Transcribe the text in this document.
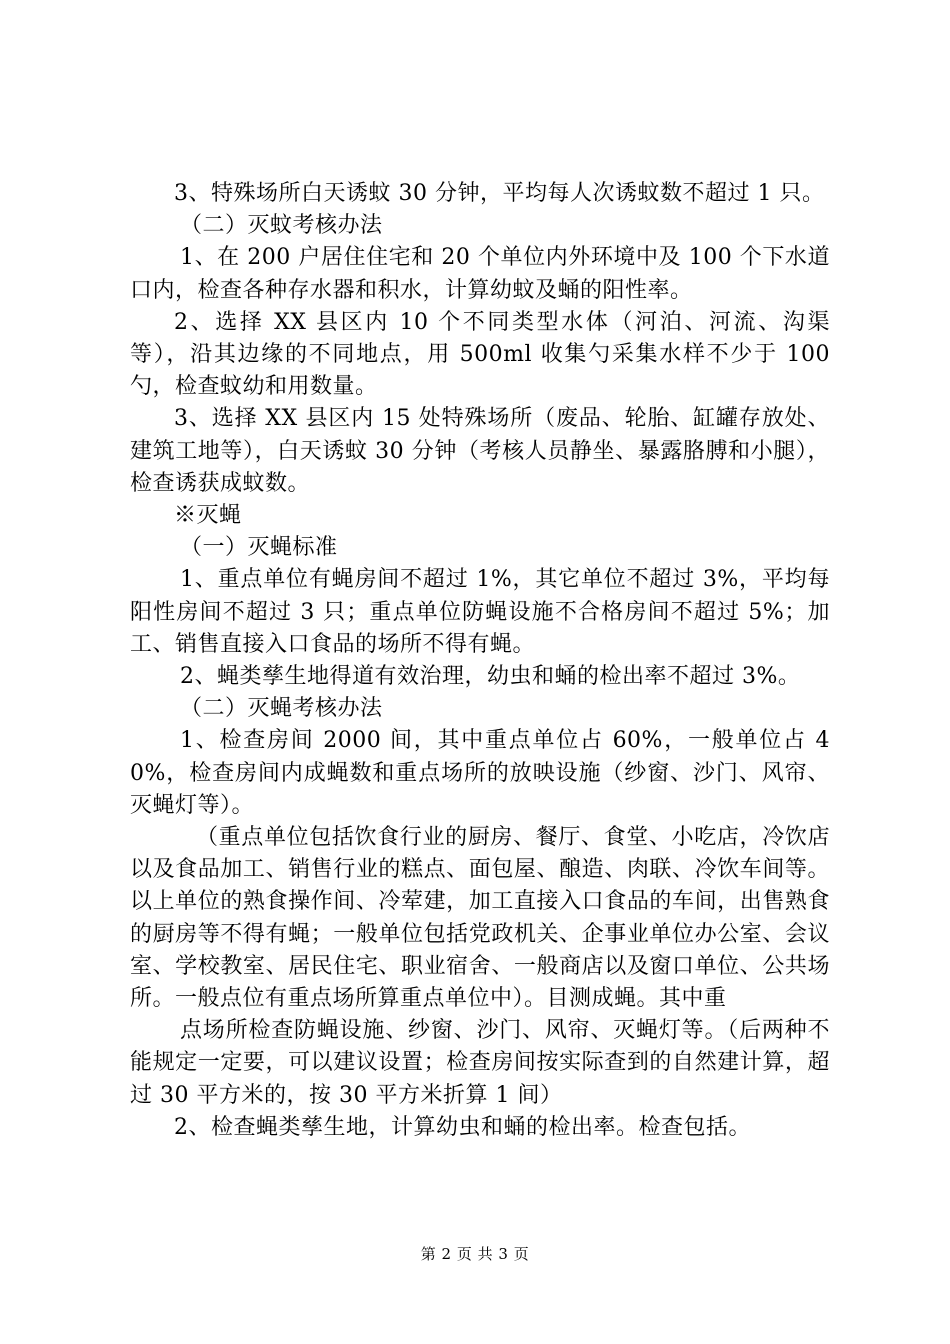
3、特殊场所白天诱蚊 30 分钟，平均每人次诱蚊数不超过 1 只。

（二）灭蚊考核办法

1、在 200 户居住住宅和 20 个单位内外环境中及 100 个下水道口内，检查各种存水器和积水，计算幼蚊及蛹的阳性率。

2、选择 XX 县区内 10 个不同类型水体（河泊、河流、沟渠等），沿其边缘的不同地点，用 500ml 收集勺采集水样不少于 100 勺，检查蚊幼和用数量。

3、选择 XX 县区内 15 处特殊场所（废品、轮胎、缸罐存放处、建筑工地等），白天诱蚊 30 分钟（考核人员静坐、暴露胳膊和小腿），检查诱获成蚊数。

※灭蝇

（一）灭蝇标准

1、重点单位有蝇房间不超过 1%，其它单位不超过 3%，平均每阳性房间不超过 3 只；重点单位防蝇设施不合格房间不超过 5%；加工、销售直接入口食品的场所不得有蝇。

2、蝇类孳生地得道有效治理，幼虫和蛹的检出率不超过 3%。

（二）灭蝇考核办法

1、检查房间 2000 间，其中重点单位占 60%，一般单位占 40%，检查房间内成蝇数和重点场所的放映设施（纱窗、沙门、风帘、灭蝇灯等）。

（重点单位包括饮食行业的厨房、餐厅、食堂、小吃店，冷饮店以及食品加工、销售行业的糕点、面包屋、酿造、肉联、冷饮车间等。以上单位的熟食操作间、冷荤建，加工直接入口食品的车间，出售熟食的厨房等不得有蝇；一般单位包括党政机关、企事业单位办公室、会议室、学校教室、居民住宅、职业宿舍、一般商店以及窗口单位、公共场所。一般点位有重点场所算重点单位中）。目测成蝇。其中重

点场所检查防蝇设施、纱窗、沙门、风帘、灭蝇灯等。（后两种不能规定一定要，可以建议设置；检查房间按实际查到的自然建计算，超过 30 平方米的，按 30 平方米折算 1 间）

2、检查蝇类孳生地，计算幼虫和蛹的检出率。检查包括。

第 2 页 共 3 页
